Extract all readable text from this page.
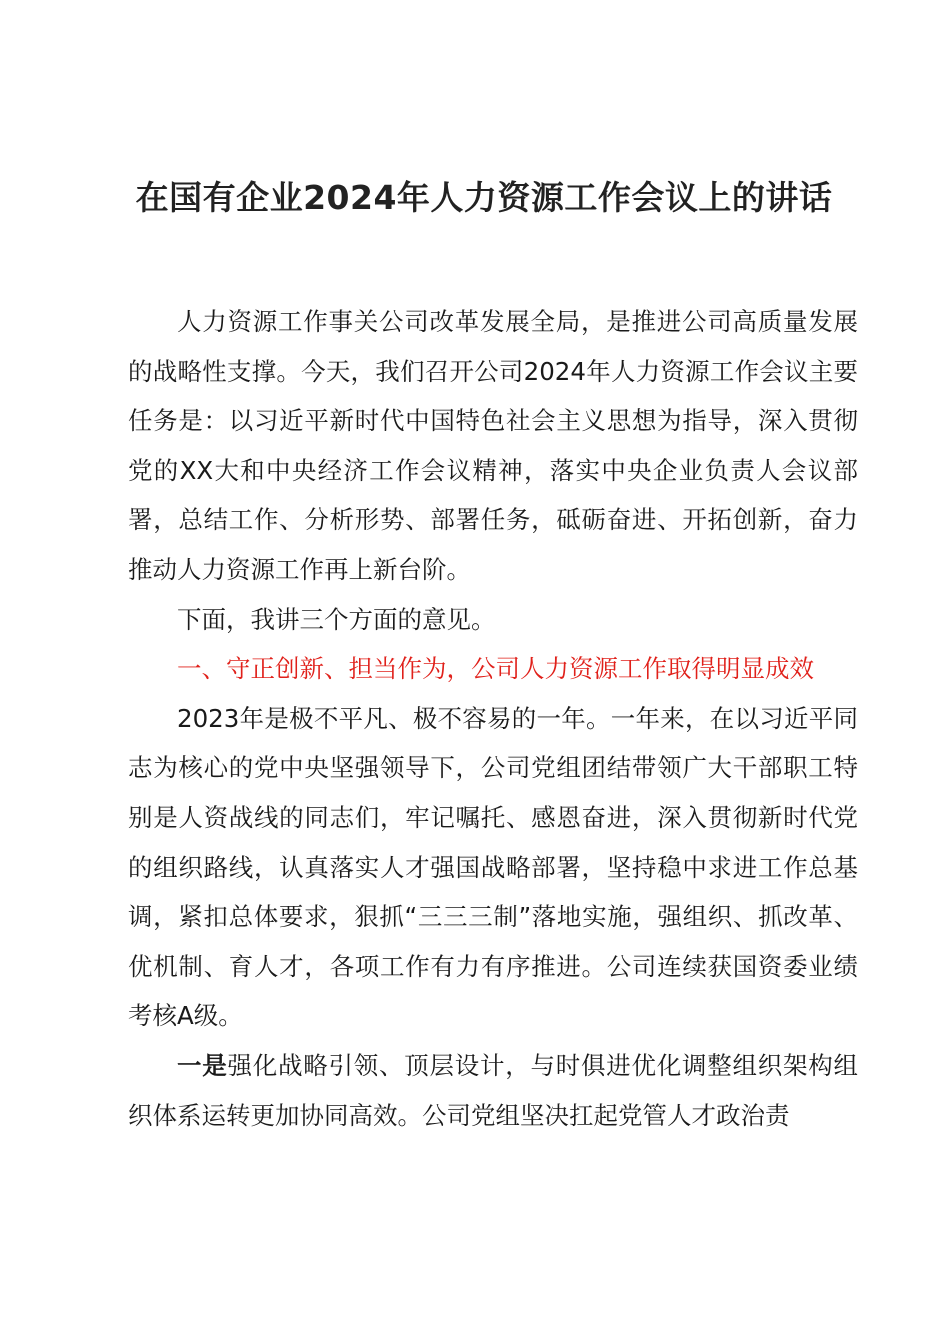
在国有企业2024年人力资源工作会议上的讲话

人力资源工作事关公司改革发展全局，是推进公司高质量发展的战略性支撑。今天，我们召开公司2024年人力资源工作会议主要任务是：以习近平新时代中国特色社会主义思想为指导，深入贯彻党的XX大和中央经济工作会议精神，落实中央企业负责人会议部署，总结工作、分析形势、部署任务，砥砺奋进、开拓创新，奋力推动人力资源工作再上新台阶。

下面，我讲三个方面的意见。

一、守正创新、担当作为，公司人力资源工作取得明显成效

2023年是极不平凡、极不容易的一年。一年来，在以习近平同志为核心的党中央坚强领导下，公司党组团结带领广大干部职工特别是人资战线的同志们，牢记嘱托、感恩奋进，深入贯彻新时代党的组织路线，认真落实人才强国战略部署，坚持稳中求进工作总基调，紧扣总体要求，狠抓“三三三制”落地实施，强组织、抓改革、优机制、育人才，各项工作有力有序推进。公司连续获国资委业绩考核A级。

一是强化战略引领、顶层设计，与时俱进优化调整组织架构组织体系运转更加协同高效。公司党组坚决扛起党管人才政治责
